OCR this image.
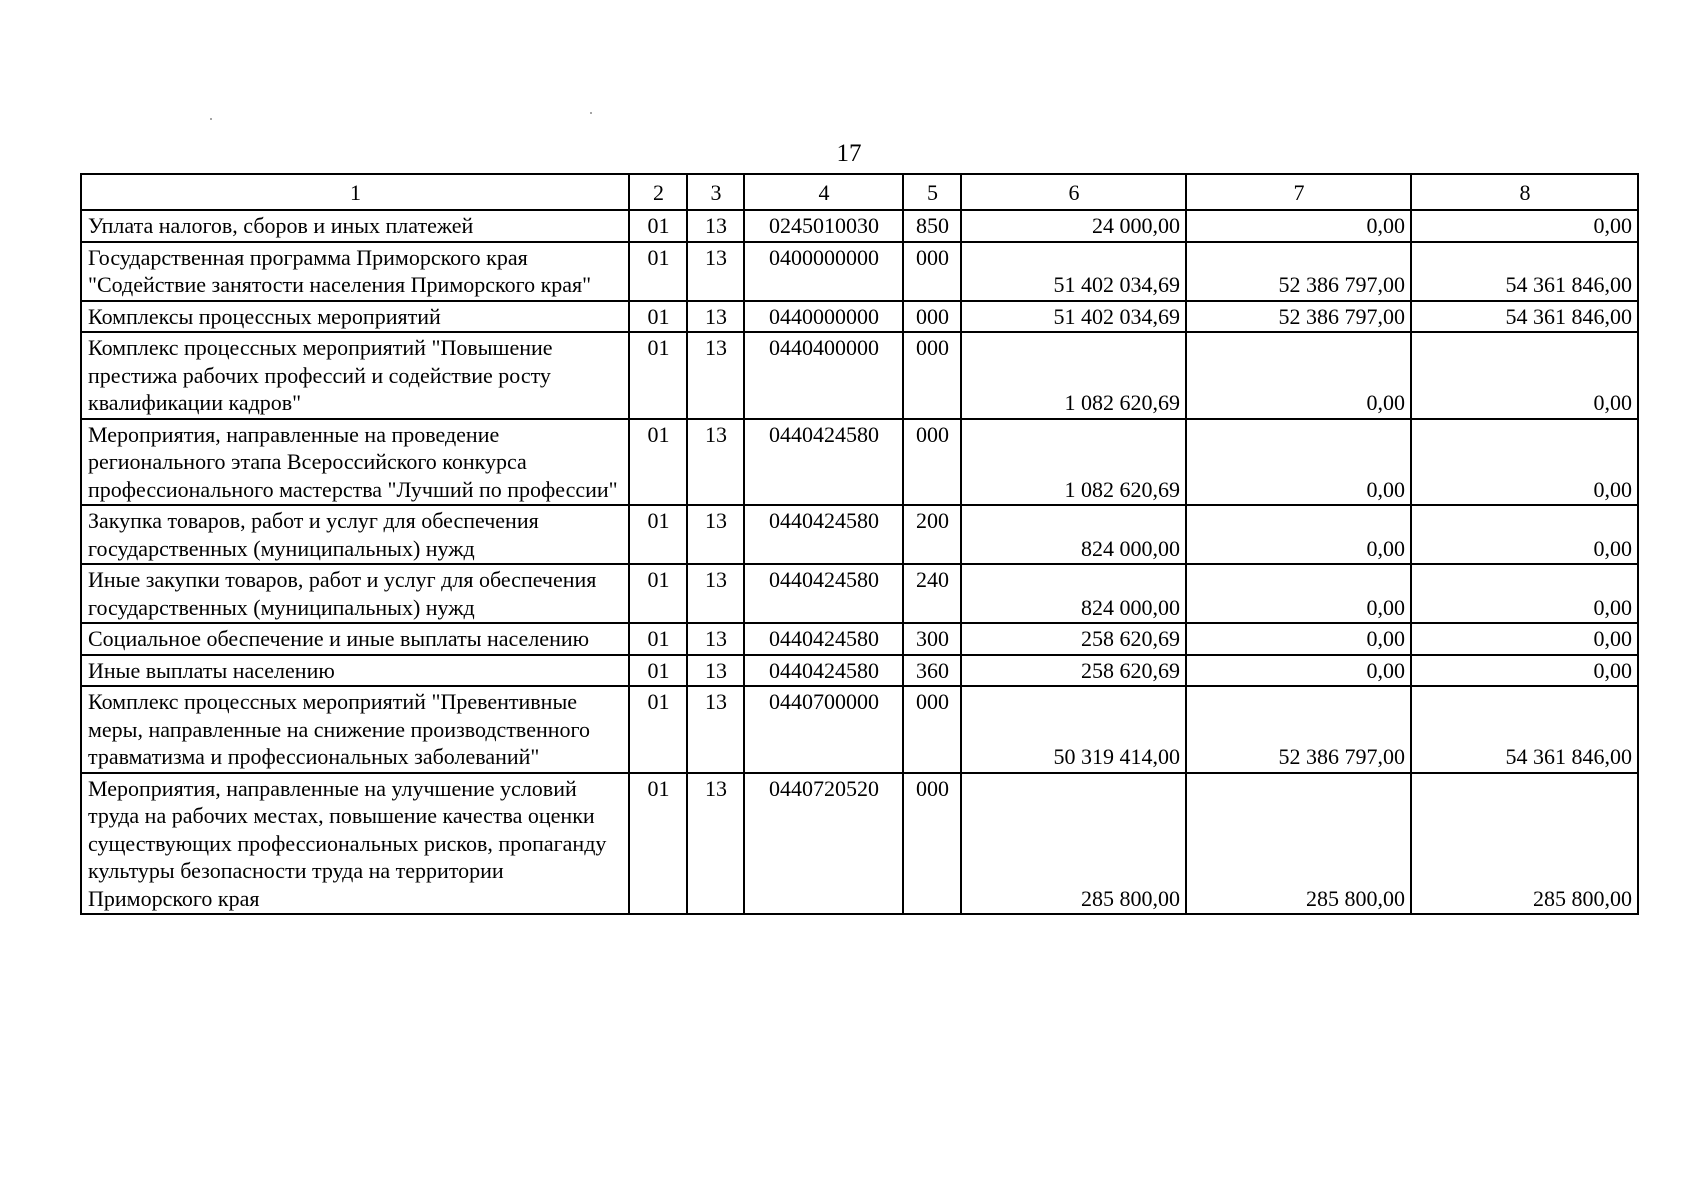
17
1	2	3	4	5	6	7	8
Уплата налогов, сборов и иных платежей	01	13	0245010030	850	24 000,00	0,00	0,00
Государственная программа Приморского края "Содействие занятости населения Приморского края"	01	13	0400000000	000	51 402 034,69	52 386 797,00	54 361 846,00
Комплексы процессных мероприятий	01	13	0440000000	000	51 402 034,69	52 386 797,00	54 361 846,00
Комплекс процессных мероприятий "Повышение престижа рабочих профессий и содействие росту квалификации кадров"	01	13	0440400000	000	1 082 620,69	0,00	0,00
Мероприятия, направленные на проведение регионального этапа Всероссийского конкурса профессионального мастерства "Лучший по профессии"	01	13	0440424580	000	1 082 620,69	0,00	0,00
Закупка товаров, работ и услуг для обеспечения государственных (муниципальных) нужд	01	13	0440424580	200	824 000,00	0,00	0,00
Иные закупки товаров, работ и услуг для обеспечения государственных (муниципальных) нужд	01	13	0440424580	240	824 000,00	0,00	0,00
Социальное обеспечение и иные выплаты населению	01	13	0440424580	300	258 620,69	0,00	0,00
Иные выплаты населению	01	13	0440424580	360	258 620,69	0,00	0,00
Комплекс процессных мероприятий "Превентивные меры, направленные на снижение производственного травматизма и профессиональных заболеваний"	01	13	0440700000	000	50 319 414,00	52 386 797,00	54 361 846,00
Мероприятия, направленные на улучшение условий труда на рабочих местах, повышение качества оценки существующих профессиональных рисков, пропаганду культуры безопасности труда на территории Приморского края	01	13	0440720520	000	285 800,00	285 800,00	285 800,00
